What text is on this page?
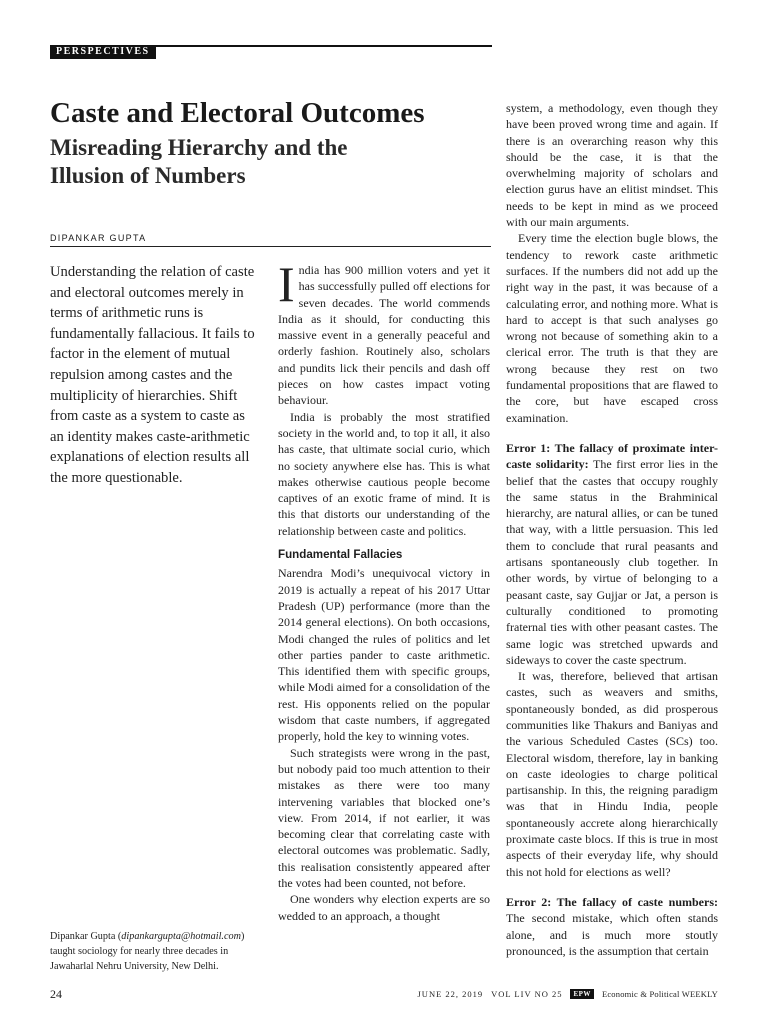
PERSPECTIVES
Caste and Electoral Outcomes
Misreading Hierarchy and the Illusion of Numbers
DIPANKAR GUPTA

Understanding the relation of caste and electoral outcomes merely in terms of arithmetic runs is fundamentally fallacious. It fails to factor in the element of mutual repulsion among castes and the multiplicity of hierarchies. Shift from caste as a system to caste as an identity makes caste-arithmetic explanations of election results all the more questionable.

Dipankar Gupta (dipankargupta@hotmail.com) taught sociology for nearly three decades in Jawaharlal Nehru University, New Delhi.

India has 900 million voters and yet it has successfully pulled off elections for seven decades. The world commends India as it should, for conducting this massive event in a generally peaceful and orderly fashion. Routinely also, scholars and pundits lick their pencils and dash off pieces on how castes impact voting behaviour.

India is probably the most stratified society in the world and, to top it all, it also has caste, that ultimate social curio, which no society anywhere else has. This is what makes otherwise cautious people become captives of an exotic frame of mind. It is this that distorts our understanding of the relationship between caste and politics.

Fundamental Fallacies

Narendra Modi’s unequivocal victory in 2019 is actually a repeat of his 2017 Uttar Pradesh (UP) performance (more than the 2014 general elections). On both occasions, Modi changed the rules of politics and let other parties pander to caste arithmetic. This identified them with specific groups, while Modi aimed for a consolidation of the rest. His opponents relied on the popular wisdom that caste numbers, if aggregated properly, hold the key to winning votes.

Such strategists were wrong in the past, but nobody paid too much attention to their mistakes as there were too many intervening variables that blocked one’s view. From 2014, if not earlier, it was becoming clear that correlating caste with electoral outcomes was problematic. Sadly, this realisation consistently appeared after the votes had been counted, not before.

One wonders why election experts are so wedded to an approach, a thought

system, a methodology, even though they have been proved wrong time and again. If there is an overarching reason why this should be the case, it is that the overwhelming majority of scholars and election gurus have an elitist mindset. This needs to be kept in mind as we proceed with our main arguments.

Every time the election bugle blows, the tendency to rework caste arithmetic surfaces. If the numbers did not add up the right way in the past, it was because of a calculating error, and nothing more. What is hard to accept is that such analyses go wrong not because of something akin to a clerical error. The truth is that they are wrong because they rest on two fundamental propositions that are flawed to the core, but have escaped cross examination.

Error 1: The fallacy of proximate inter-caste solidarity: The first error lies in the belief that the castes that occupy roughly the same status in the Brahminical hierarchy, are natural allies, or can be tuned that way, with a little persuasion. This led them to conclude that rural peasants and artisans spontaneously club together. In other words, by virtue of belonging to a peasant caste, say Gujjar or Jat, a person is culturally conditioned to promoting fraternal ties with other peasant castes. The same logic was stretched upwards and sideways to cover the caste spectrum.

It was, therefore, believed that artisan castes, such as weavers and smiths, spontaneously bonded, as did prosperous communities like Thakurs and Baniyas and the various Scheduled Castes (SCs) too. Electoral wisdom, therefore, lay in banking on caste ideologies to charge political partisanship. In this, the reigning paradigm was that in Hindu India, people spontaneously accrete along hierarchically proximate caste blocs. If this is true in most aspects of their everyday life, why should this not hold for elections as well?

Error 2: The fallacy of caste numbers: The second mistake, which often stands alone, and is much more stoutly pronounced, is the assumption that certain

24	JUNE 22, 2019 VOL LIV NO 25	EPW	Economic & Political WEEKLY
